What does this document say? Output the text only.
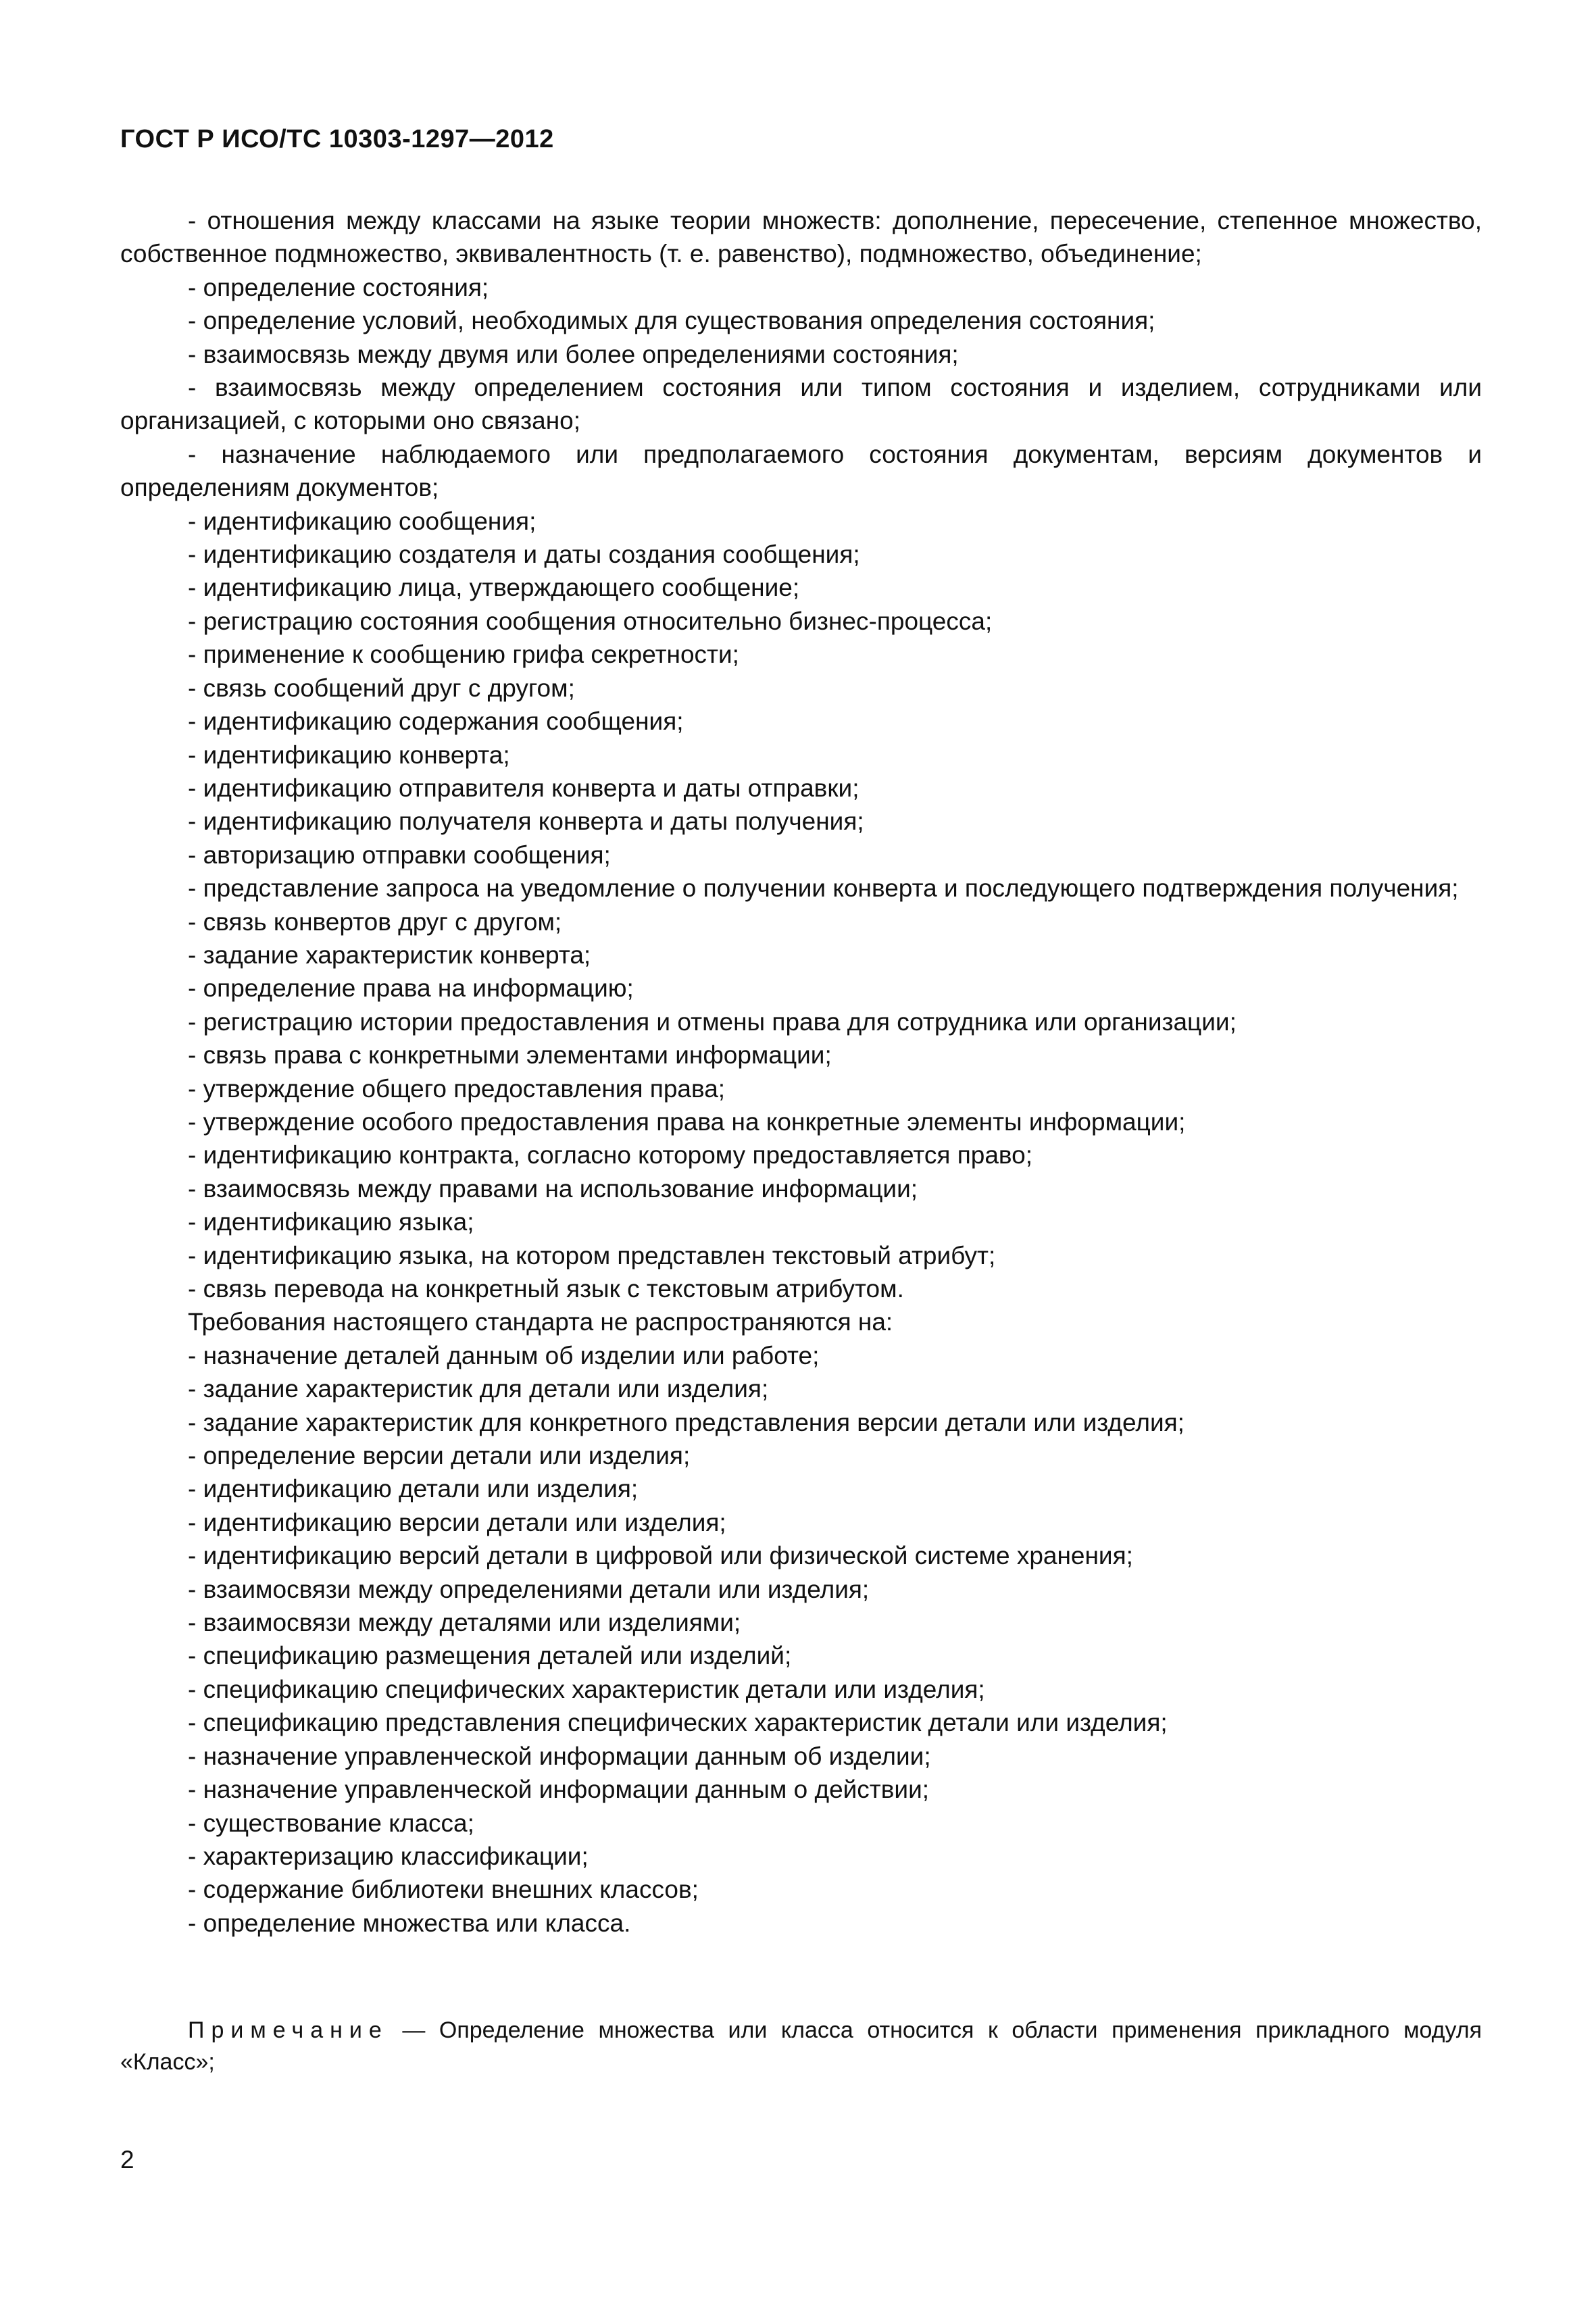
ГОСТ Р ИСО/ТС 10303-1297—2012

- отношения между классами на языке теории множеств: дополнение, пересечение, степенное множество, собственное подмножество, эквивалентность (т. е. равенство), подмножество, объединение;

- определение состояния;

- определение условий, необходимых для существования определения состояния;

- взаимосвязь между двумя или более определениями состояния;

- взаимосвязь между определением состояния или типом состояния и изделием, сотрудниками или организацией, с которыми оно связано;

- назначение наблюдаемого или предполагаемого состояния документам, версиям документов и определениям документов;

- идентификацию сообщения;

- идентификацию создателя и даты создания сообщения;

- идентификацию лица, утверждающего сообщение;

- регистрацию состояния сообщения относительно бизнес-процесса;

- применение к сообщению грифа секретности;

- связь сообщений друг с другом;

- идентификацию содержания сообщения;

- идентификацию конверта;

- идентификацию отправителя конверта и даты отправки;

- идентификацию получателя конверта и даты получения;

- авторизацию отправки сообщения;

- представление запроса на уведомление о получении конверта и последующего подтверждения получения;

- связь конвертов друг с другом;

- задание характеристик конверта;

- определение права на информацию;

- регистрацию истории предоставления и отмены права для сотрудника или организации;

- связь права с конкретными элементами информации;

- утверждение общего предоставления права;

- утверждение особого предоставления права на конкретные элементы информации;

- идентификацию контракта, согласно которому предоставляется право;

- взаимосвязь между правами на использование информации;

- идентификацию языка;

- идентификацию языка, на котором представлен текстовый атрибут;

- связь перевода на конкретный язык с текстовым атрибутом.

Требования настоящего стандарта не распространяются на:

- назначение деталей данным об изделии или работе;

- задание характеристик для детали или изделия;

- задание характеристик для конкретного представления версии детали или изделия;

- определение версии детали или изделия;

- идентификацию детали или изделия;

- идентификацию версии детали или изделия;

- идентификацию версий детали в цифровой или физической системе хранения;

- взаимосвязи между определениями детали или изделия;

- взаимосвязи между деталями или изделиями;

- спецификацию размещения деталей или изделий;

- спецификацию специфических характеристик детали или изделия;

- спецификацию представления специфических характеристик детали или изделия;

- назначение управленческой информации данным об изделии;

- назначение управленческой информации данным о действии;

- существование класса;

- характеризацию классификации;

- содержание библиотеки внешних классов;

- определение множества или класса.

Примечание — Определение множества или класса относится к области применения прикладного модуля «Класс»;
2
